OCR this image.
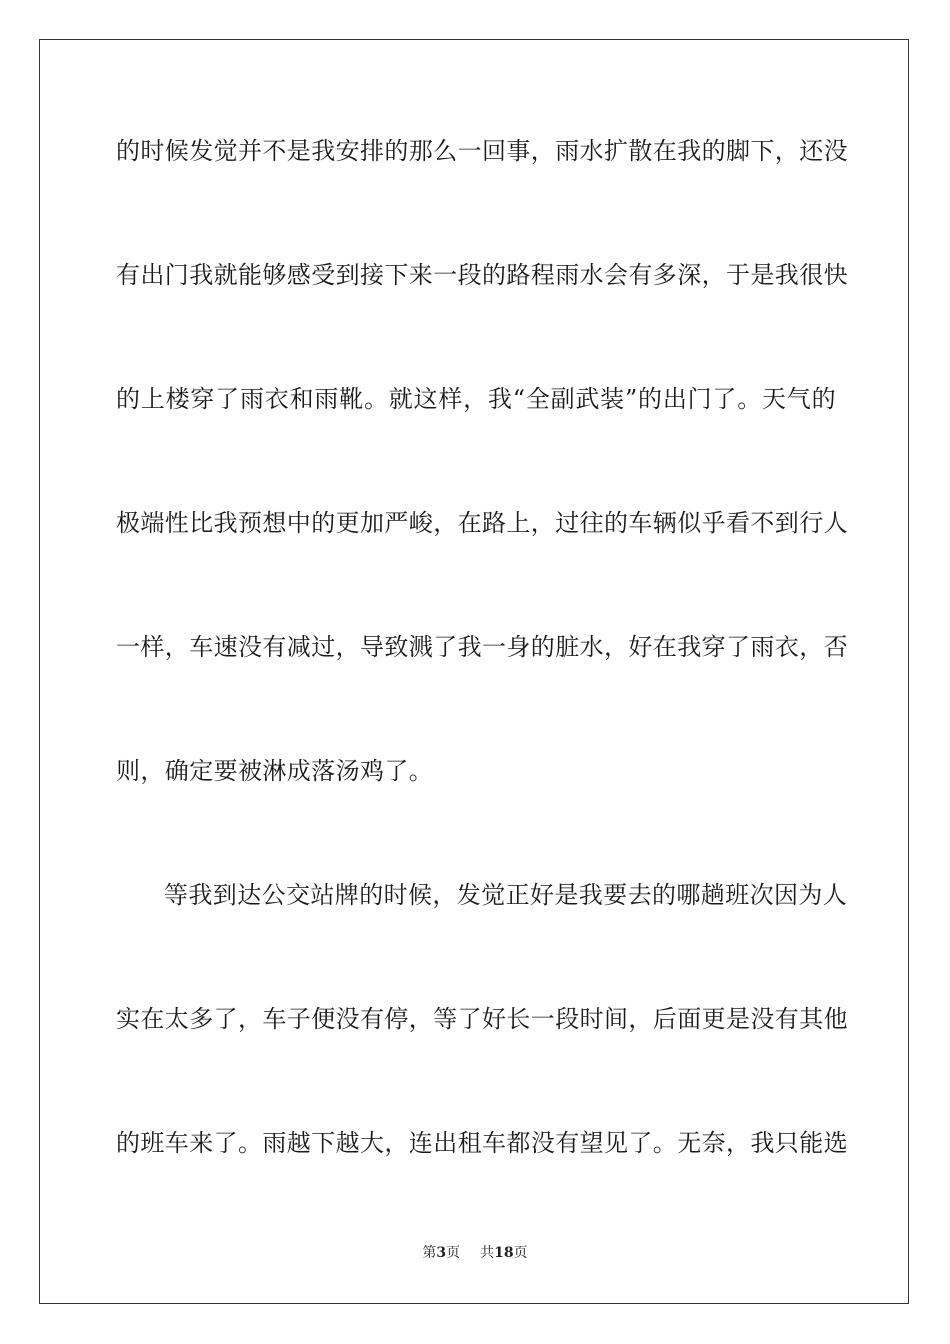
的时候发觉并不是我安排的那么一回事，雨水扩散在我的脚下，还没
有出门我就能够感受到接下来一段的路程雨水会有多深，于是我很快
的上楼穿了雨衣和雨靴。就这样，我“全副武装”的出门了。天气的
极端性比我预想中的更加严峻，在路上，过往的车辆似乎看不到行人
一样，车速没有减过，导致溅了我一身的脏水，好在我穿了雨衣，否
则，确定要被淋成落汤鸡了。
等我到达公交站牌的时候，发觉正好是我要去的哪趟班次因为人
实在太多了，车子便没有停，等了好长一段时间，后面更是没有其他
的班车来了。雨越下越大，连出租车都没有望见了。无奈，我只能选
第3页 共18页
